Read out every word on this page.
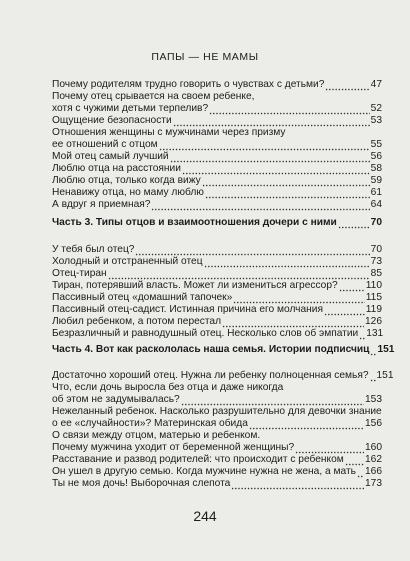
ПАПЫ — НЕ МАМЫ
Почему родителям трудно говорить о чувствах с детьми?	47
Почему отец срывается на своем ребенке,
хотя с чужими детьми терпелив?	52
Ощущение безопасности	53
Отношения женщины с мужчинами через призму
ее отношений с отцом	55
Мой отец самый лучший	56
Люблю отца на расстоянии	58
Люблю отца, только когда вижу	59
Ненавижу отца, но маму люблю	61
А вдруг я приемная?	64
Часть 3. Типы отцов и взаимоотношения дочери с ними	70
У тебя был отец?	70
Холодный и отстраненный отец	73
Отец-тиран	85
Тиран, потерявший власть. Может ли измениться агрессор?	110
Пассивный отец «домашний тапочек»	115
Пассивный отец-садист. Истинная причина его молчания	119
Любил ребенком, а потом перестал	126
Безразличный и равнодушный отец. Несколько слов об эмпатии 131
Часть 4. Вот как раскололась наша семья. Истории подписчиц 151
Достаточно хороший отец. Нужна ли ребенку полноценная семья? 151
Что, если дочь выросла без отца и даже никогда
об этом не задумывалась?	153
Нежеланный ребенок. Насколько разрушительно для девочки знание
о ее «случайности»? Материнская обида	156
О связи между отцом, матерью и ребенком.
Почему мужчина уходит от беременной женщины?	160
Расставание и развод родителей: что происходит с ребенком 162
Он ушел в другую семью. Когда мужчине нужна не жена, а мать 166
Ты не моя дочь! Выборочная слепота	173
244
